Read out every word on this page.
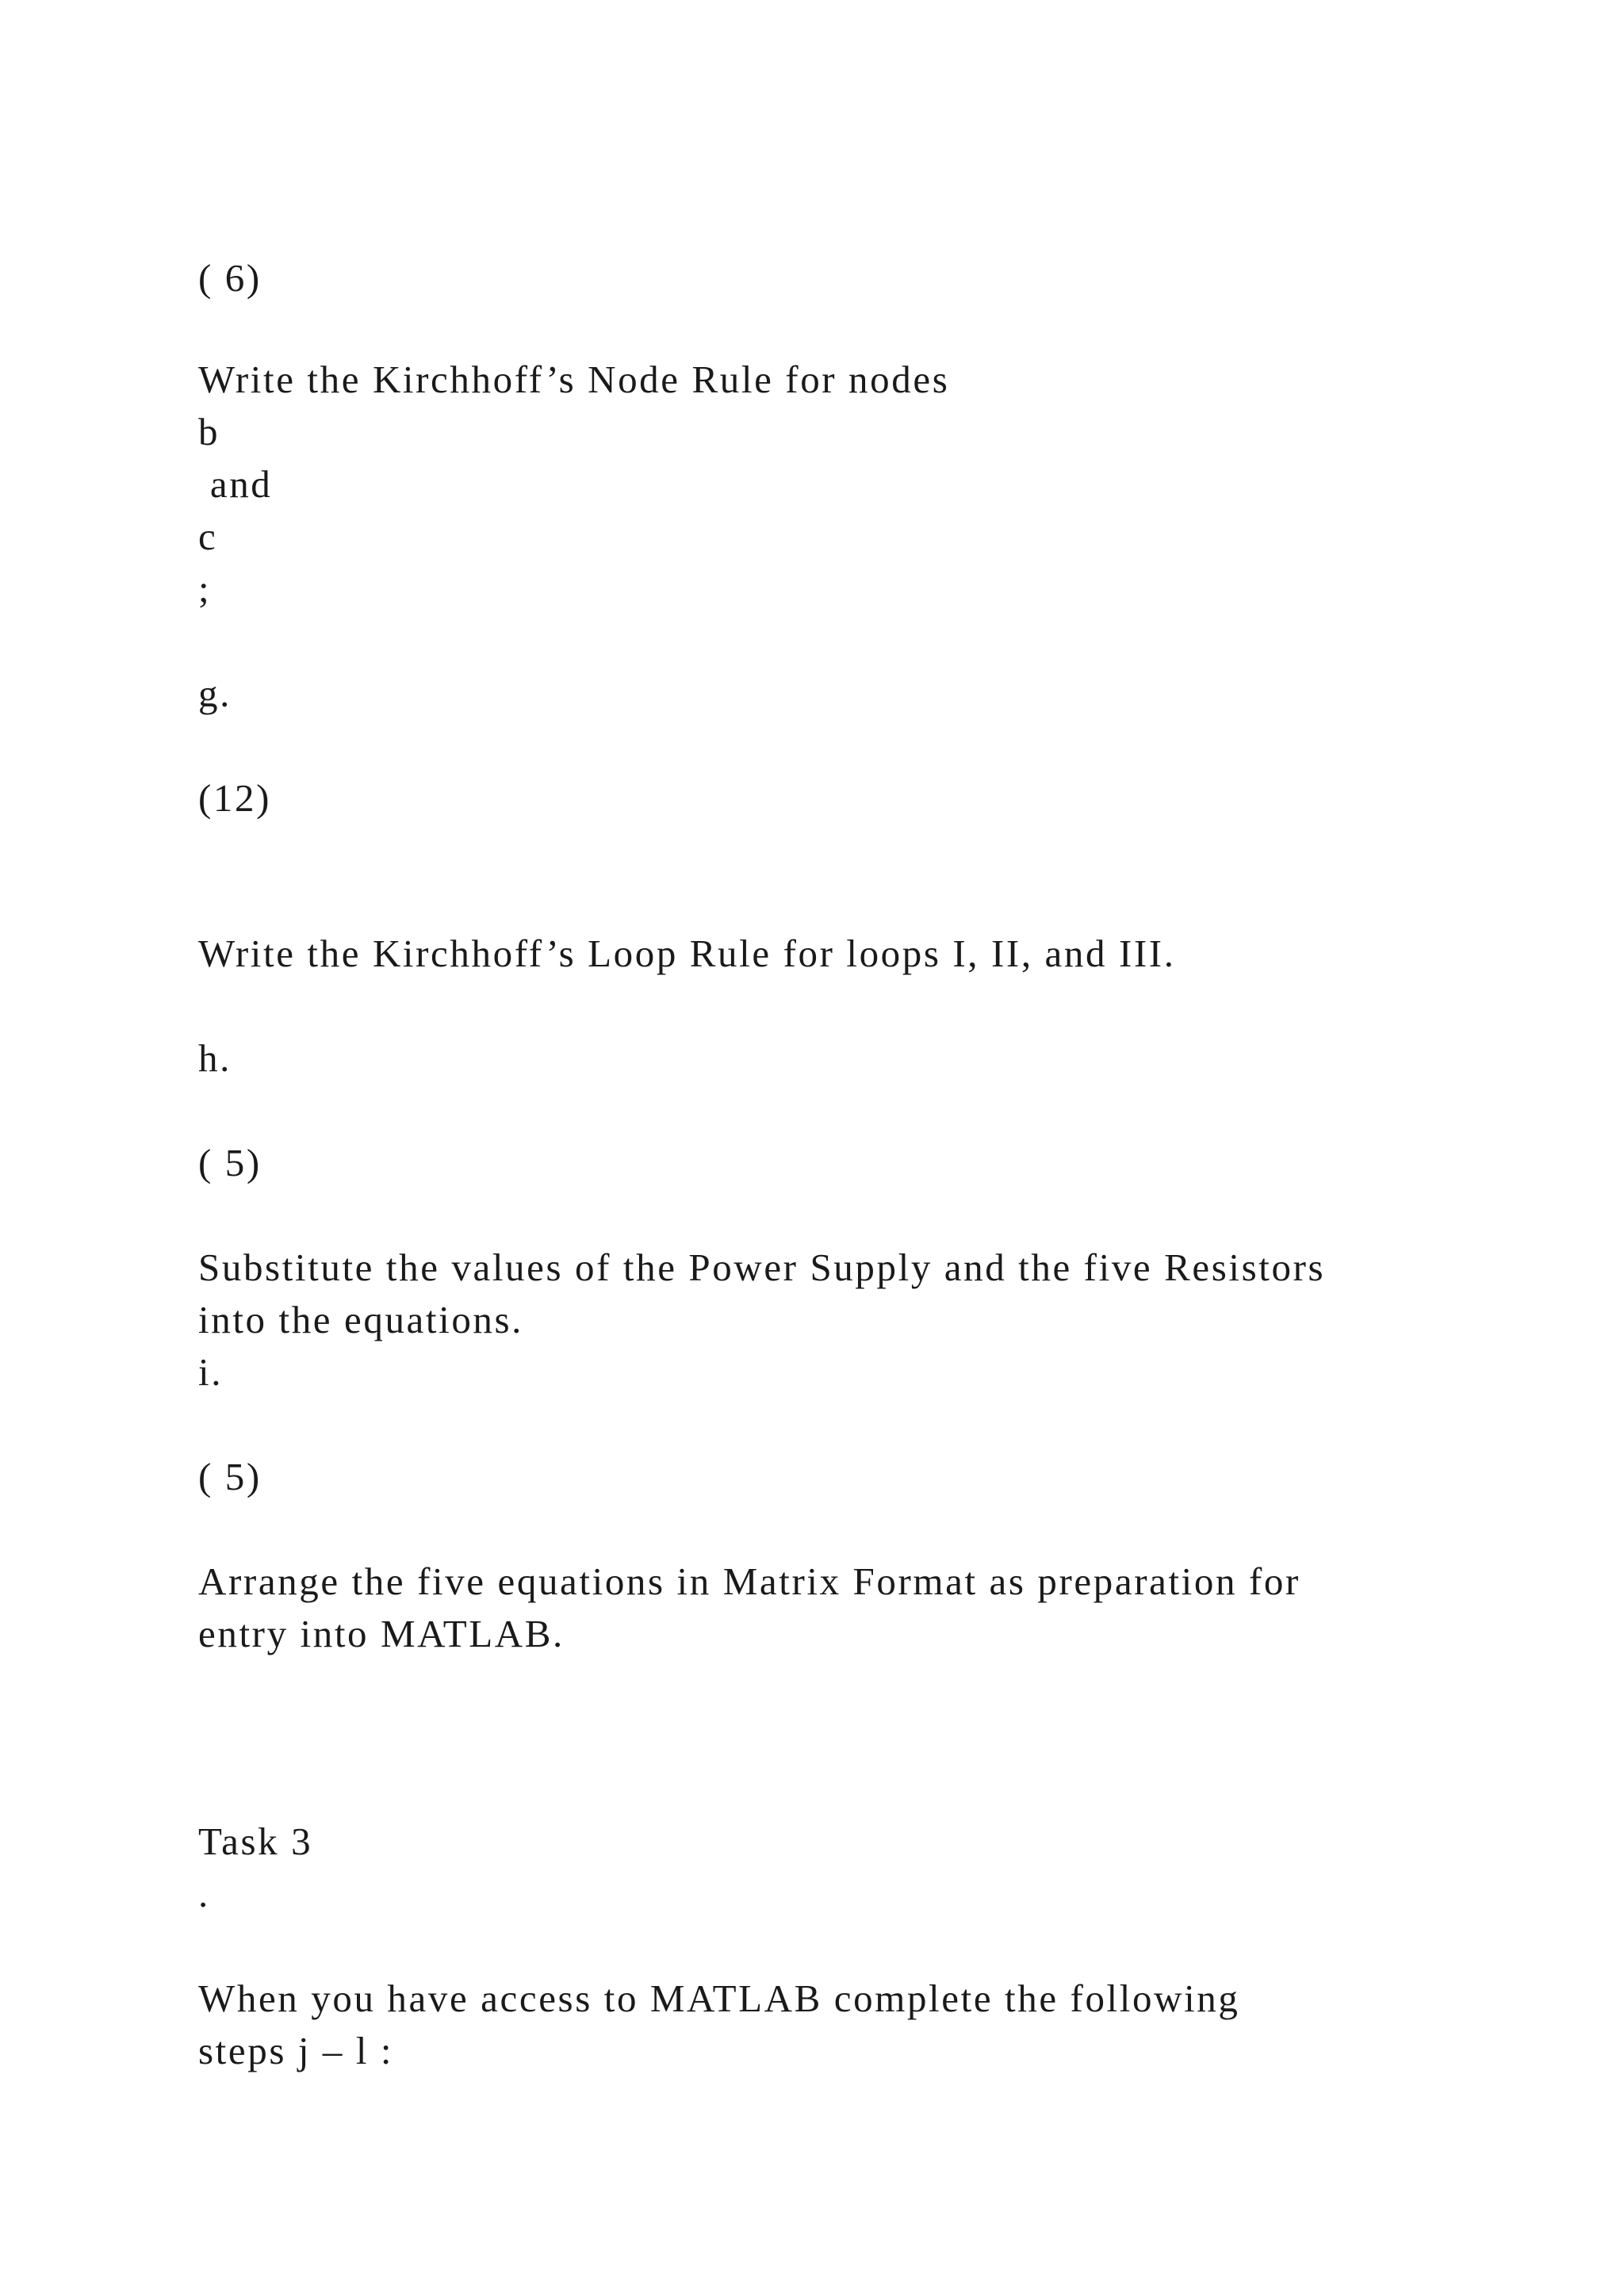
( 6)

Write the Kirchhoff’s Node Rule for nodes

b

and

c

;

g.

(12)

Write the Kirchhoff’s Loop Rule for loops I, II, and III.

h.

( 5)

Substitute the values of the Power Supply and the five Resistors

into the equations.

i.

( 5)

Arrange the five equations in Matrix Format as preparation for

entry into MATLAB.

Task 3

.

When you have access to MATLAB complete the following

steps j – l :
